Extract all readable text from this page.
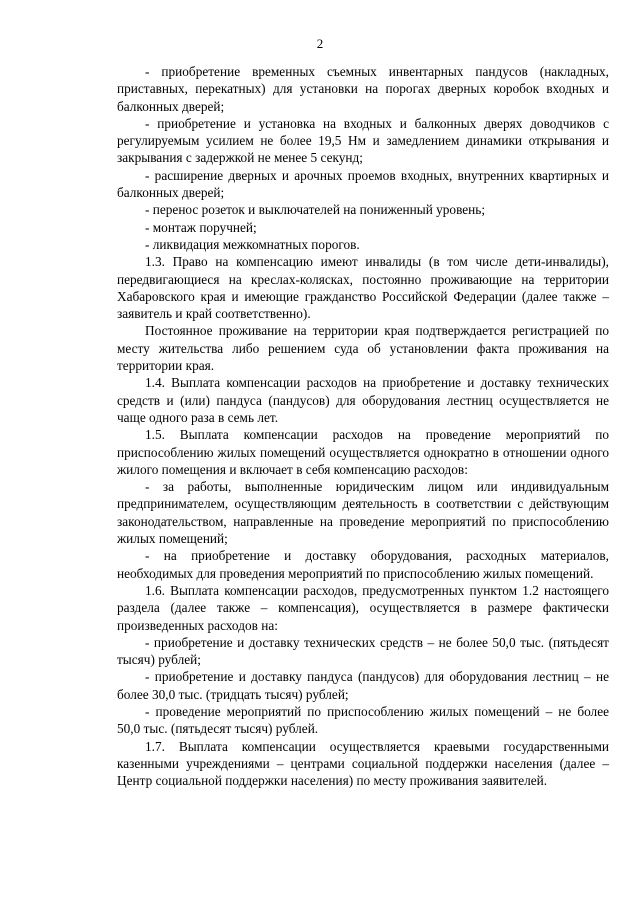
2

- приобретение временных съемных инвентарных пандусов (накладных, приставных, перекатных) для установки на порогах дверных коробок входных и балконных дверей;

- приобретение и установка на входных и балконных дверях доводчиков с регулируемым усилием не более 19,5 Нм и замедлением динамики открывания и закрывания с задержкой не менее 5 секунд;

- расширение дверных и арочных проемов входных, внутренних квартирных и балконных дверей;

- перенос розеток и выключателей на пониженный уровень;

- монтаж поручней;

- ликвидация межкомнатных порогов.

1.3. Право на компенсацию имеют инвалиды (в том числе дети-инвалиды), передвигающиеся на креслах-колясках, постоянно проживающие на территории Хабаровского края и имеющие гражданство Российской Федерации (далее также – заявитель и край соответственно).

Постоянное проживание на территории края подтверждается регистрацией по месту жительства либо решением суда об установлении факта проживания на территории края.

1.4. Выплата компенсации расходов на приобретение и доставку технических средств и (или) пандуса (пандусов) для оборудования лестниц осуществляется не чаще одного раза в семь лет.

1.5. Выплата компенсации расходов на проведение мероприятий по приспособлению жилых помещений осуществляется однократно в отношении одного жилого помещения и включает в себя компенсацию расходов:

- за работы, выполненные юридическим лицом или индивидуальным предпринимателем, осуществляющим деятельность в соответствии с действующим законодательством, направленные на проведение мероприятий по приспособлению жилых помещений;

- на приобретение и доставку оборудования, расходных материалов, необходимых для проведения мероприятий по приспособлению жилых помещений.

1.6. Выплата компенсации расходов, предусмотренных пунктом 1.2 настоящего раздела (далее также – компенсация), осуществляется в размере фактически произведенных расходов на:

- приобретение и доставку технических средств – не более 50,0 тыс. (пятьдесят тысяч) рублей;

- приобретение и доставку пандуса (пандусов) для оборудования лестниц – не более 30,0 тыс. (тридцать тысяч) рублей;

- проведение мероприятий по приспособлению жилых помещений – не более 50,0 тыс. (пятьдесят тысяч) рублей.

1.7. Выплата компенсации осуществляется краевыми государственными казенными учреждениями – центрами социальной поддержки населения (далее – Центр социальной поддержки населения) по месту проживания заявителей.
